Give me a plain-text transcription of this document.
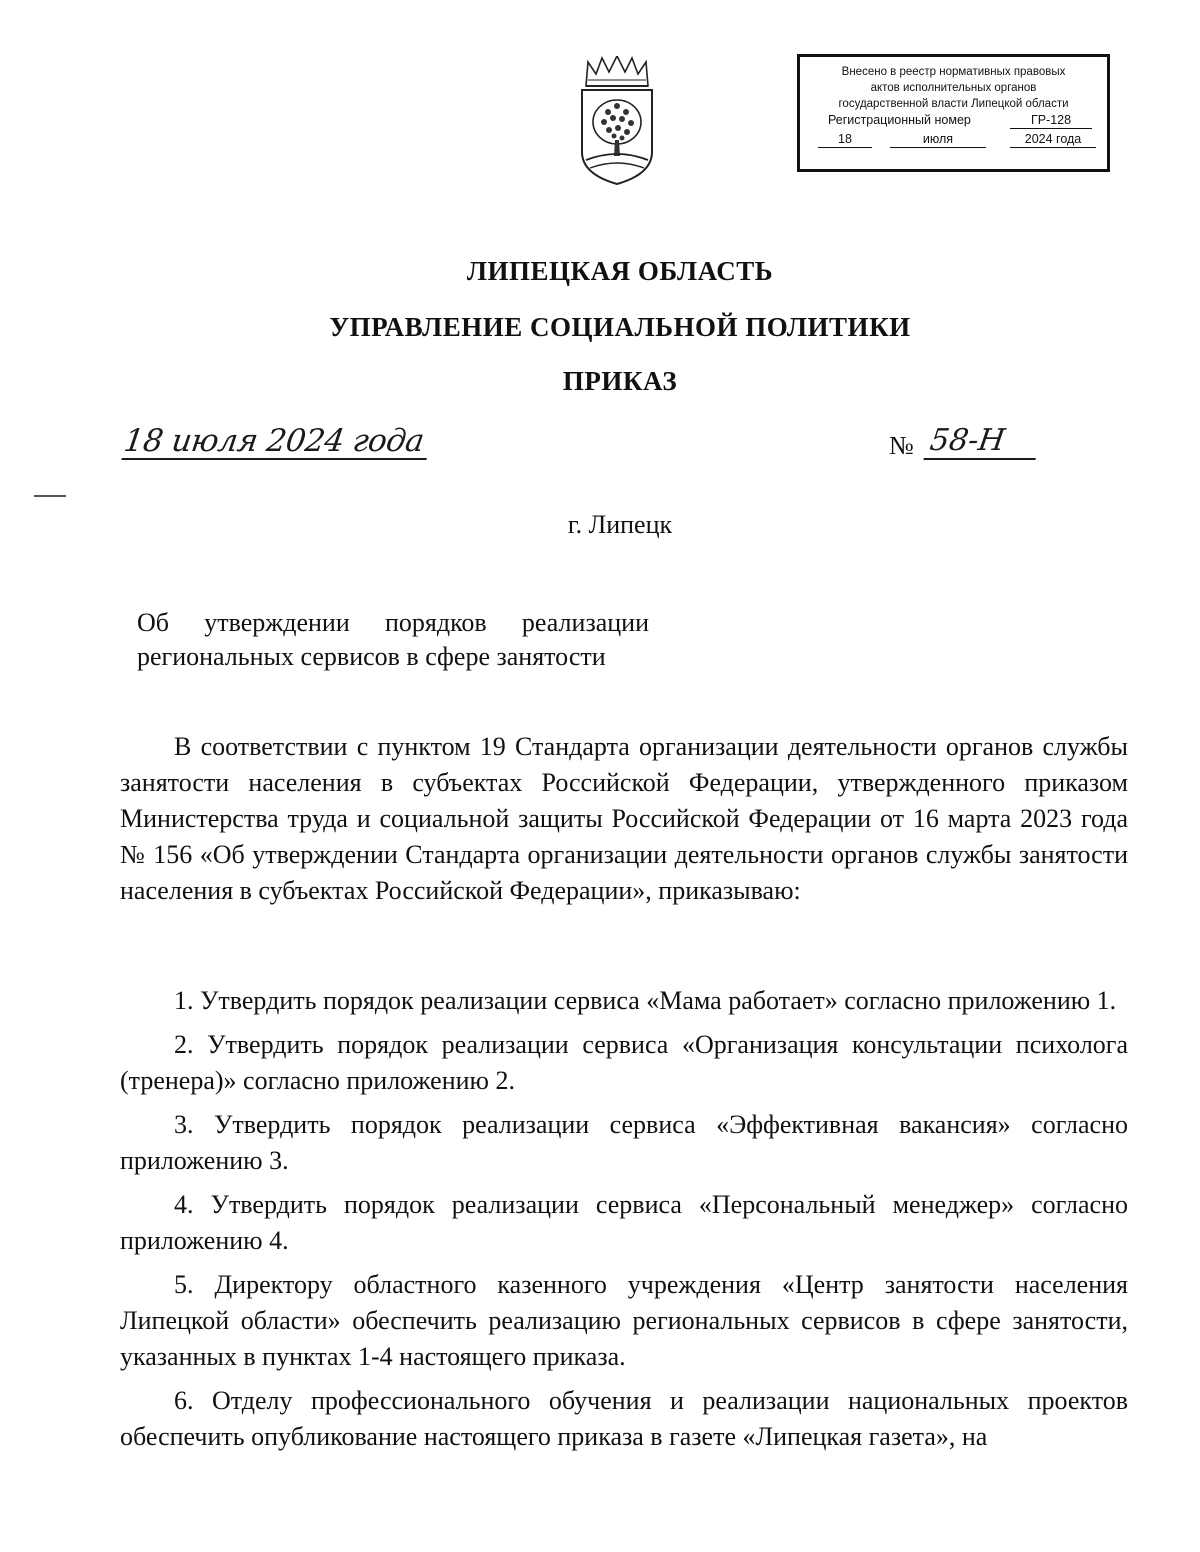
Внесено в реестр нормативных правовых
актов исполнительных органов
государственной власти Липецкой области
Регистрационный номер	ГР-128
18	июля	2024 года
ЛИПЕЦКАЯ ОБЛАСТЬ
УПРАВЛЕНИЕ СОЦИАЛЬНОЙ ПОЛИТИКИ
ПРИКАЗ
18 июля 2024 года	№ 58-Н
г. Липецк
Об утверждении порядков реализации
региональных сервисов в сфере занятости

В соответствии с пунктом 19 Стандарта организации деятельности органов службы занятости населения в субъектах Российской Федерации, утвержденного приказом Министерства труда и социальной защиты Российской Федерации от 16 марта 2023 года № 156 «Об утверждении Стандарта организации деятельности органов службы занятости населения в субъектах Российской Федерации», приказываю:

1. Утвердить порядок реализации сервиса «Мама работает» согласно приложению 1.

2. Утвердить порядок реализации сервиса «Организация консультации психолога (тренера)» согласно приложению 2.

3. Утвердить порядок реализации сервиса «Эффективная вакансия» согласно приложению 3.

4. Утвердить порядок реализации сервиса «Персональный менеджер» согласно приложению 4.

5. Директору областного казенного учреждения «Центр занятости населения Липецкой области» обеспечить реализацию региональных сервисов в сфере занятости, указанных в пунктах 1-4 настоящего приказа.

6. Отделу профессионального обучения и реализации национальных проектов обеспечить опубликование настоящего приказа в газете «Липецкая газета», на
